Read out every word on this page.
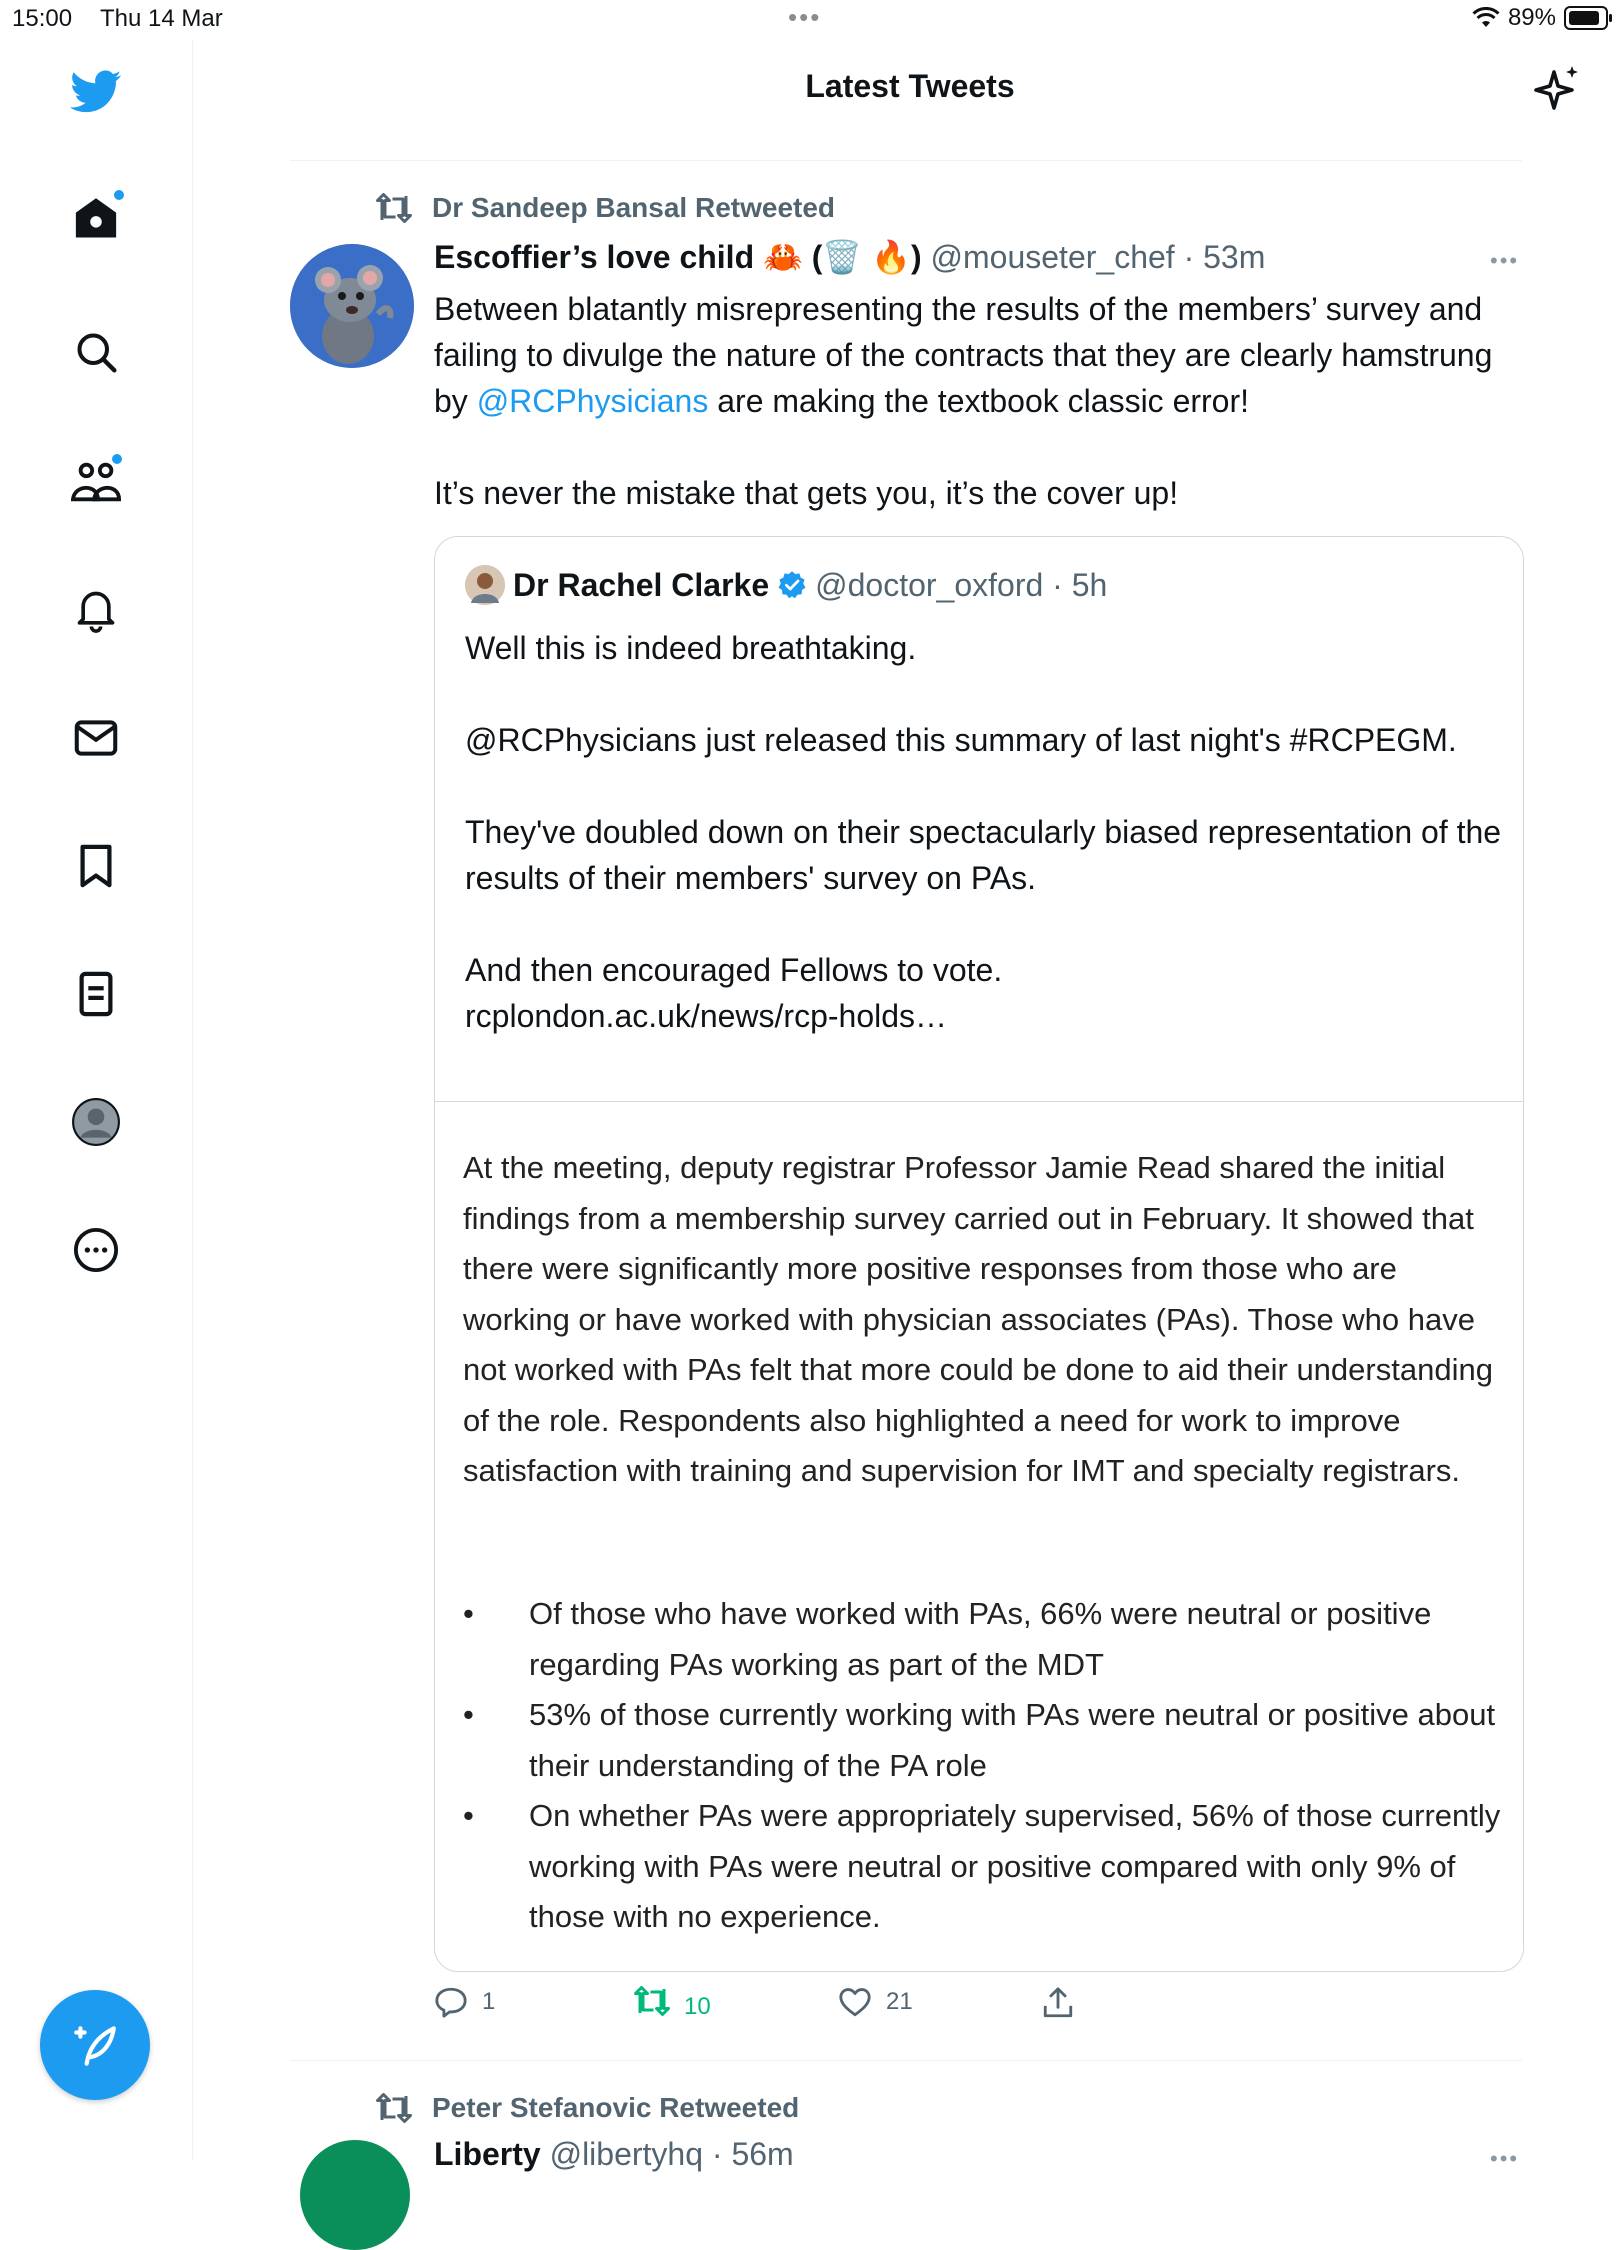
15:00 Thu 14 Mar	•••	89%
Latest Tweets
Dr Sandeep Bansal Retweeted
Escoffier’s love child 🦀 (🗑️ 🔥) @mouseter_chef · 53m	•••
Between blatantly misrepresenting the results of the members’ survey and failing to divulge the nature of the contracts that they are clearly hamstrung by @RCPhysicians are making the textbook classic error!

It’s never the mistake that gets you, it’s the cover up!
Dr Rachel Clarke @doctor_oxford · 5h
Well this is indeed breathtaking.

@RCPhysicians just released this summary of last night's #RCPEGM.

They've doubled down on their spectacularly biased representation of the results of their members' survey on PAs.

And then encouraged Fellows to vote.
rcplondon.ac.uk/news/rcp-holds…
At the meeting, deputy registrar Professor Jamie Read shared the initial findings from a membership survey carried out in February. It showed that there were significantly more positive responses from those who are working or have worked with physician associates (PAs). Those who have not worked with PAs felt that more could be done to aid their understanding of the role. Respondents also highlighted a need for work to improve satisfaction with training and supervision for IMT and specialty registrars.
• Of those who have worked with PAs, 66% were neutral or positive regarding PAs working as part of the MDT
• 53% of those currently working with PAs were neutral or positive about their understanding of the PA role
• On whether PAs were appropriately supervised, 56% of those currently working with PAs were neutral or positive compared with only 9% of those with no experience.
1	10	21
Peter Stefanovic Retweeted
Liberty @libertyhq · 56m	•••
